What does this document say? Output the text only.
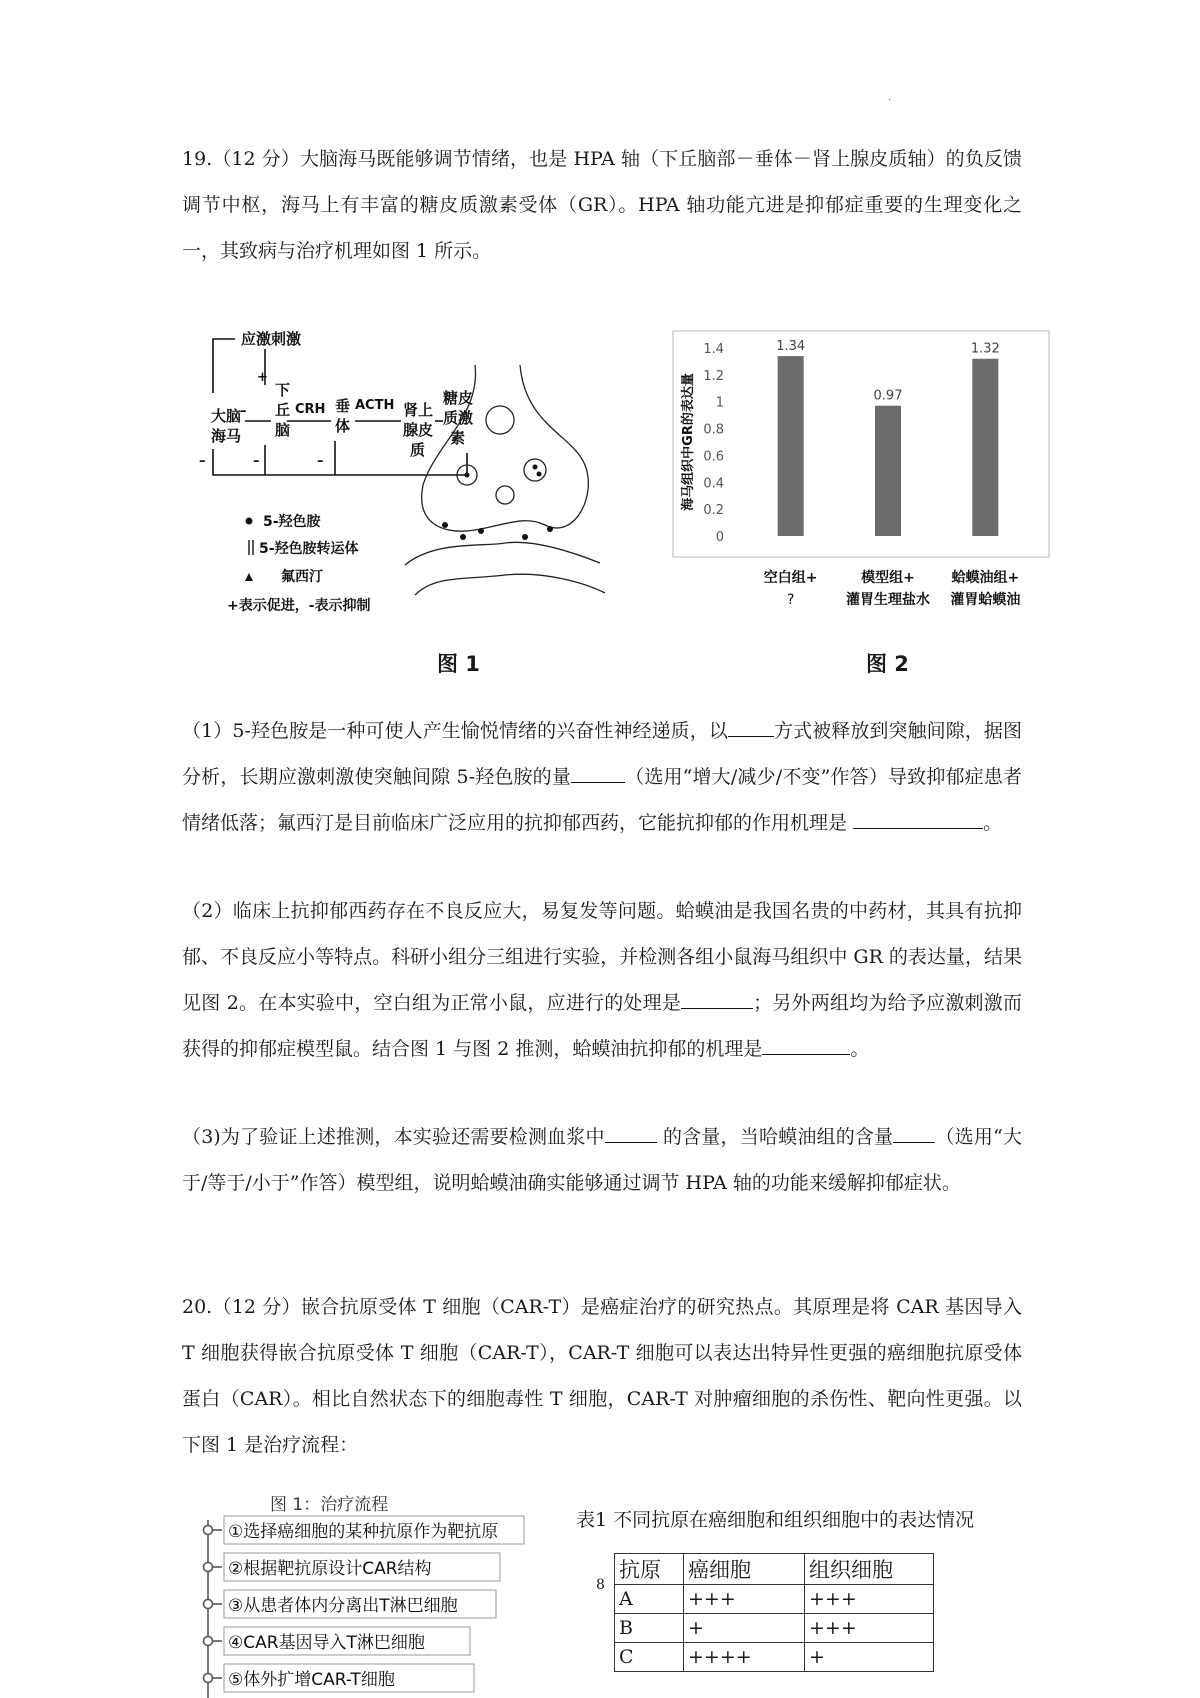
·
19.（12 分）大脑海马既能够调节情绪，也是 HPA 轴（下丘脑部－垂体－肾上腺皮质轴）的负反馈调节中枢，海马上有丰富的糖皮质激素受体（GR）。HPA 轴功能亢进是抑郁症重要的生理变化之一，其致病与治疗机理如图 1 所示。
应激刺激
大脑
海马
下
丘
脑
CRH 垂
体
ACTH 肾上
腺皮
质
糖皮
质激
素
+
–
–	–	–
5-羟色胺
5-羟色胺转运体
氟西汀
+表示促进，-表示抑制
海马组织中GR的表达量
0
0.2
0.4
0.6
0.8
1
1.2
1.4	1.34
空白组+
?
0.97
模型组+
灌胃生理盐水
1.32
蛤蟆油组+
灌胃蛤蟆油
图 1	图 2
（1）5-羟色胺是一种可使人产生愉悦情绪的兴奋性神经递质，以 方式被释放到突触间隙，据图分析，长期应激刺激使突触间隙 5-羟色胺的量	（选用“增大/减少/不变”作答）导致抑郁症患者情绪低落；氟西汀是目前临床广泛应用的抗抑郁西药，它能抗抑郁的作用机理是	。
（2）临床上抗抑郁西药存在不良反应大，易复发等问题。蛤蟆油是我国名贵的中药材，其具有抗抑郁、不良反应小等特点。科研小组分三组进行实验，并检测各组小鼠海马组织中 GR 的表达量，结果见图 2。在本实验中，空白组为正常小鼠，应进行的处理是	；另外两组均为给予应激刺激而获得的抑郁症模型鼠。结合图 1 与图 2 推测，蛤蟆油抗抑郁的机理是	。
（3)为了验证上述推测，本实验还需要检测血浆中	的含量，当哈蟆油组的含量 （选用“大于/等于/小于”作答）模型组，说明蛤蟆油确实能够通过调节 HPA 轴的功能来缓解抑郁症状。
20.（12 分）嵌合抗原受体 T 细胞（CAR-T）是癌症治疗的研究热点。其原理是将 CAR 基因导入 T 细胞获得嵌合抗原受体 T 细胞（CAR-T），CAR-T 细胞可以表达出特异性更强的癌细胞抗原受体蛋白（CAR）。相比自然状态下的细胞毒性 T 细胞，CAR-T 对肿瘤细胞的杀伤性、靶向性更强。以下图 1 是治疗流程：
图 1：治疗流程
①选择癌细胞的某种抗原作为靶抗原
②根据靶抗原设计CAR结构
③从患者体内分离出T淋巴细胞
④CAR基因导入T淋巴细胞
⑤体外扩增CAR-T细胞
表1 不同抗原在癌细胞和组织细胞中的表达情况
8
抗原	癌细胞	组织细胞
A	+++	+++
B	+	+++
C	++++	+
